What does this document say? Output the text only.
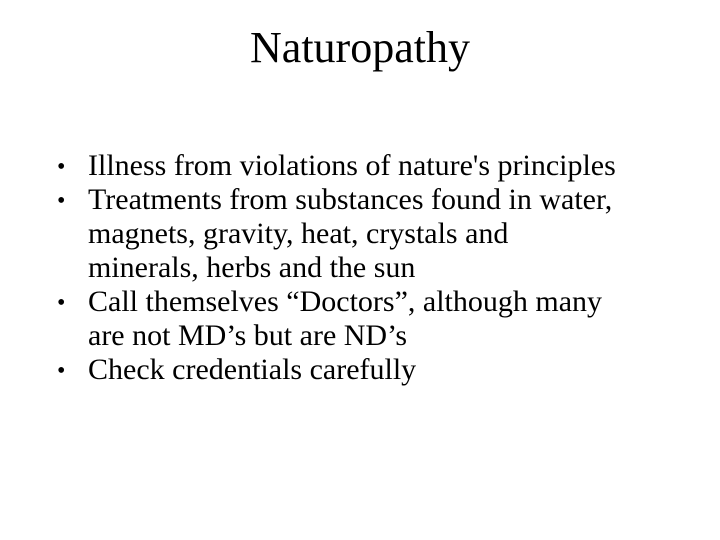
Naturopathy
• Illness from violations of nature's principles
• Treatments from substances found in water,
magnets, gravity, heat, crystals and
minerals, herbs and the sun
• Call themselves “Doctors”, although many
are not MD’s but are ND’s
• Check credentials carefully
